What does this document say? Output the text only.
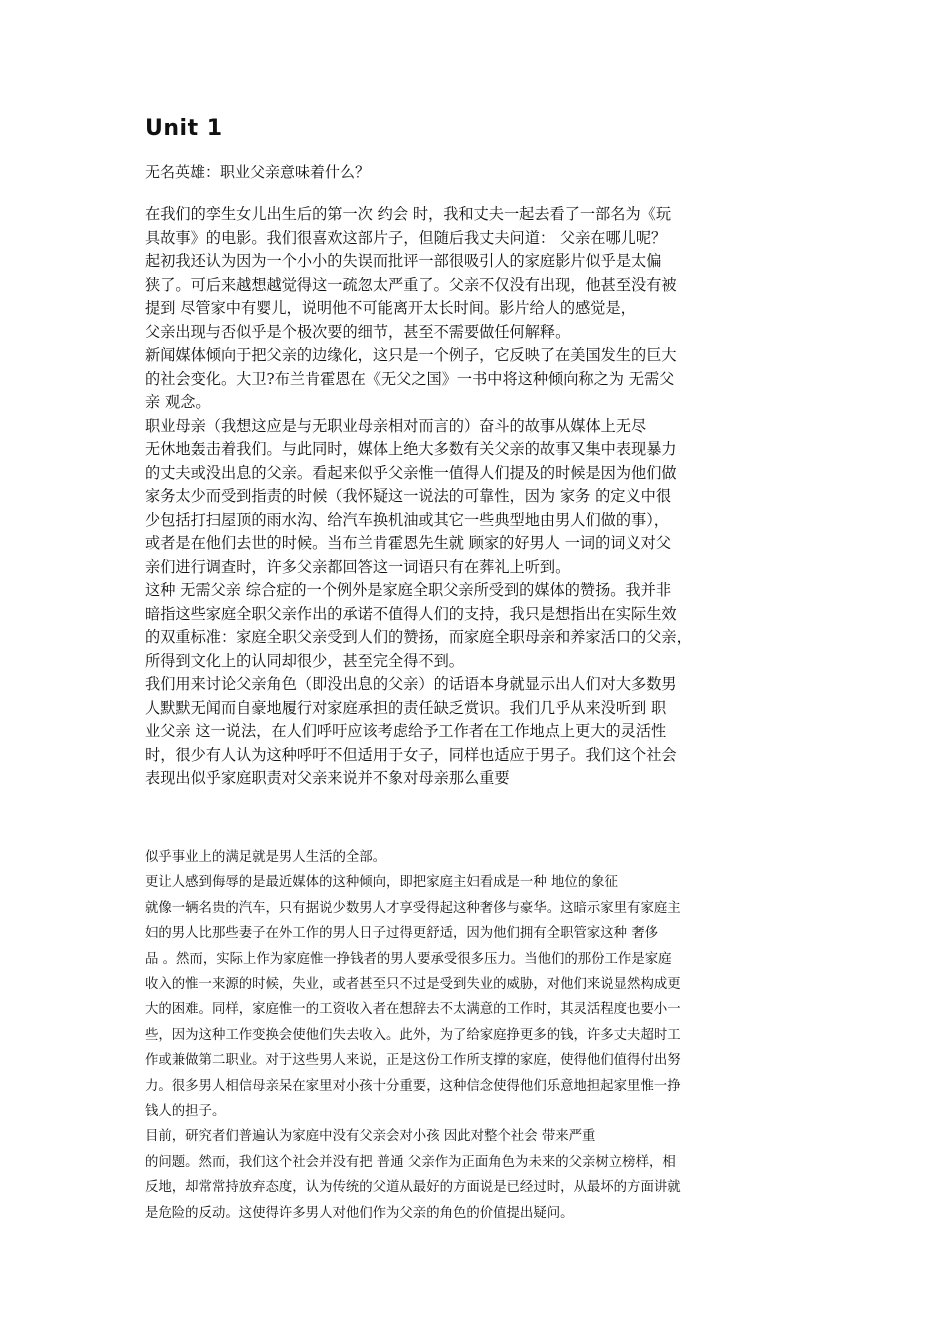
Unit 1
无名英雄：职业父亲意味着什么？
在我们的孪生女儿出生后的第一次 约会 时，我和丈夫一起去看了一部名为《玩
具故事》的电影。我们很喜欢这部片子，但随后我丈夫问道： 父亲在哪儿呢？
起初我还认为因为一个小小的失误而批评一部很吸引人的家庭影片似乎是太偏
狭了。可后来越想越觉得这一疏忽太严重了。父亲不仅没有出现，他甚至没有被
提到 尽管家中有婴儿，说明他不可能离开太长时间。影片给人的感觉是，
父亲出现与否似乎是个极次要的细节，甚至不需要做任何解释。
新闻媒体倾向于把父亲的边缘化，这只是一个例子，它反映了在美国发生的巨大
的社会变化。大卫?布兰肯霍恩在《无父之国》一书中将这种倾向称之为 无需父
亲 观念。
职业母亲（我想这应是与无职业母亲相对而言的）奋斗的故事从媒体上无尽
无休地轰击着我们。与此同时，媒体上绝大多数有关父亲的故事又集中表现暴力
的丈夫或没出息的父亲。看起来似乎父亲惟一值得人们提及的时候是因为他们做
家务太少而受到指责的时候（我怀疑这一说法的可靠性，因为 家务 的定义中很
少包括打扫屋顶的雨水沟、给汽车换机油或其它一些典型地由男人们做的事），
或者是在他们去世的时候。当布兰肯霍恩先生就 顾家的好男人 一词的词义对父
亲们进行调查时，许多父亲都回答这一词语只有在葬礼上听到。
这种 无需父亲 综合症的一个例外是家庭全职父亲所受到的媒体的赞扬。我并非
暗指这些家庭全职父亲作出的承诺不值得人们的支持，我只是想指出在实际生效
的双重标准：家庭全职父亲受到人们的赞扬，而家庭全职母亲和养家活口的父亲，
所得到文化上的认同却很少，甚至完全得不到。
我们用来讨论父亲角色（即没出息的父亲）的话语本身就显示出人们对大多数男
人默默无闻而自豪地履行对家庭承担的责任缺乏赏识。我们几乎从来没听到 职
业父亲 这一说法，在人们呼吁应该考虑给予工作者在工作地点上更大的灵活性
时，很少有人认为这种呼吁不但适用于女子，同样也适应于男子。我们这个社会
表现出似乎家庭职责对父亲来说并不象对母亲那么重要
似乎事业上的满足就是男人生活的全部。
更让人感到侮辱的是最近媒体的这种倾向，即把家庭主妇看成是一种 地位的象征
就像一辆名贵的汽车，只有据说少数男人才享受得起这种奢侈与豪华。这暗示家里有家庭主
妇的男人比那些妻子在外工作的男人日子过得更舒适，因为他们拥有全职管家这种 奢侈
品 。然而，实际上作为家庭惟一挣钱者的男人要承受很多压力。当他们的那份工作是家庭
收入的惟一来源的时候，失业，或者甚至只不过是受到失业的威胁，对他们来说显然构成更
大的困难。同样，家庭惟一的工资收入者在想辞去不太满意的工作时，其灵活程度也要小一
些，因为这种工作变换会使他们失去收入。此外，为了给家庭挣更多的钱，许多丈夫超时工
作或兼做第二职业。对于这些男人来说，正是这份工作所支撑的家庭，使得他们值得付出努
力。很多男人相信母亲呆在家里对小孩十分重要，这种信念使得他们乐意地担起家里惟一挣
钱人的担子。
目前，研究者们普遍认为家庭中没有父亲会对小孩 因此对整个社会 带来严重
的问题。然而，我们这个社会并没有把 普通 父亲作为正面角色为未来的父亲树立榜样，相
反地，却常常持放弃态度，认为传统的父道从最好的方面说是已经过时，从最坏的方面讲就
是危险的反动。这使得许多男人对他们作为父亲的角色的价值提出疑问。
